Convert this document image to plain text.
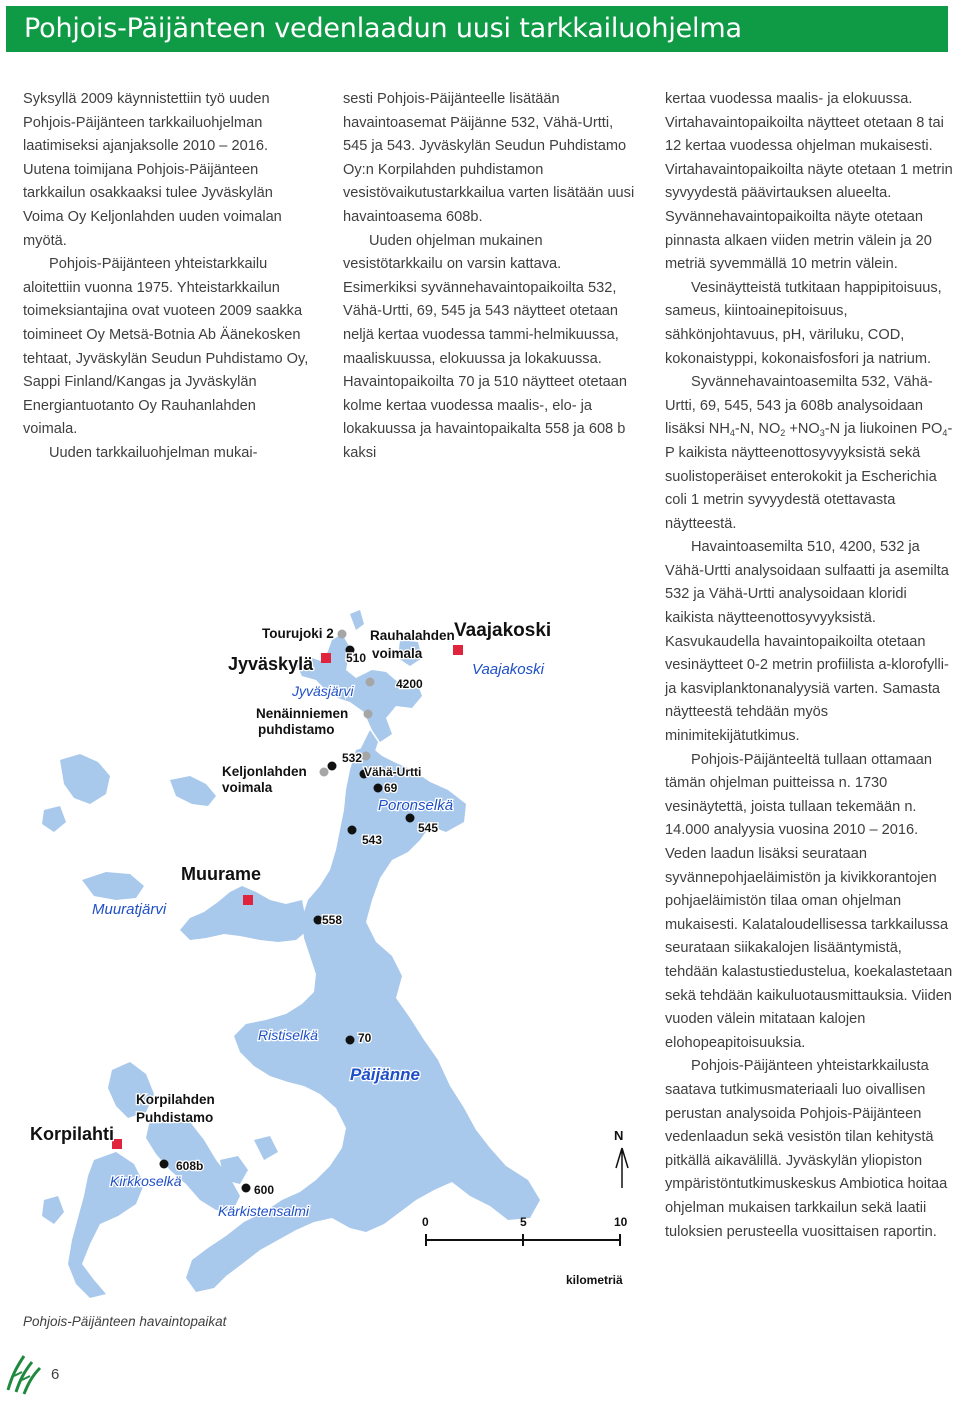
Pohjois-Päijänteen vedenlaadun uusi tarkkailuohjelma

Syksyllä 2009 käynnistettiin työ uuden Pohjois-Päijänteen tarkkailuohjelman laatimiseksi ajanjaksolle 2010 – 2016. Uutena toimijana Pohjois-Päijänteen tarkkailun osakkaaksi tulee Jyväskylän Voima Oy Keljonlahden uuden voimalan myötä.

Pohjois-Päijänteen yhteistarkkailu aloitettiin vuonna 1975. Yhteistarkkailun toimeksiantajina ovat vuoteen 2009 saakka toimineet Oy Metsä-Botnia Ab Äänekosken tehtaat, Jyväskylän Seudun Puhdistamo Oy, Sappi Finland/Kangas ja Jyväskylän Energiantuotanto Oy Rauhanlahden voimala.

Uuden tarkkailuohjelman mukai-

sesti Pohjois-Päijänteelle lisätään havaintoasemat Päijänne 532, Vähä-Urtti, 545 ja 543. Jyväskylän Seudun Puhdistamo Oy:n Korpilahden puhdistamon vesistövaikutustarkkailua varten lisätään uusi havaintoasema 608b.

Uuden ohjelman mukainen vesistötarkkailu on varsin kattava. Esimerkiksi syvännehavaintopaikoilta 532, Vähä-Urtti, 69, 545 ja 543 näytteet otetaan neljä kertaa vuodessa tammi-helmikuussa, maaliskuussa, elokuussa ja lokakuussa. Havaintopaikoilta 70 ja 510 näytteet otetaan kolme kertaa vuodessa maalis-, elo- ja lokakuussa ja havaintopaikalta 558 ja 608 b kaksi

kertaa vuodessa maalis- ja elokuussa. Virtahavaintopaikoilta näytteet otetaan 8 tai 12 kertaa vuodessa ohjelman mukaisesti.

Virtahavaintopaikoilta näyte otetaan 1 metrin syvyydestä päävirtauksen alueelta. Syvännehavaintopaikoilta näyte otetaan pinnasta alkaen viiden metrin välein ja 20 metriä syvemmällä 10 metrin välein.

Vesinäytteistä tutkitaan happipitoisuus, sameus, kiintoainepitoisuus, sähkönjohtavuus, pH, väriluku, COD, kokonaistyppi, kokonaisfosfori ja natrium.

Syvännehavaintoasemilta 532, Vähä-Urtti, 69, 545, 543 ja 608b analysoidaan lisäksi $NH_4-N$, $NO_2 +NO_3-N$ ja liukoinen $PO_4-P$ kaikista näytteenottosyvyyksistä sekä suolistoperäiset enterokokit ja Escherichia coli 1 metrin syvyydestä otettavasta näytteestä.

Havaintoasemilta 510, 4200, 532 ja Vähä-Urtti analysoidaan sulfaatti ja asemilta 532 ja Vähä-Urtti analysoidaan kloridi kaikista näytteenottosyvyyksistä. Kasvukaudella havaintopaikoilta otetaan vesinäytteet 0-2 metrin profiilista a-klorofylli- ja kasviplanktonanalyysiä varten. Samasta näytteestä tehdään myös minimitekijätutkimus.

Pohjois-Päijänteeltä tullaan ottamaan tämän ohjelman puitteissa n. 1730 vesinäytettä, joista tullaan tekemään n. 14.000 analyysia vuosina 2010 – 2016. Veden laadun lisäksi seurataan syvännepohjaeläimistön ja kivikkorantojen pohjaeläimistön tilaa oman ohjelman mukaisesti. Kalataloudellisessa tarkkailussa seurataan siikakalojen lisääntymistä, tehdään kalastustiedustelua, koekalastetaan sekä tehdään kaikuluotausmittauksia. Viiden vuoden välein mitataan kalojen elohopeapitoisuuksia.

Pohjois-Päijänteen yhteistarkkailusta saatava tutkimusmateriaali luo oivallisen perustan analysoida Pohjois-Päijänteen vedenlaadun sekä vesistön tilan kehitystä pitkällä aikavälillä. Jyväskylän yliopiston ympäristöntutkimuskeskus Ambiotica hoitaa ohjelman mukaisen tarkkailun sekä laatii tuloksien perusteella vuosittaisen raportin.

Jyväskylä
Vaajakoski
Muurame
Korpilahti
Tourujoki 2	Rauhalahden
voimala
Nenäinniemen
puhdistamo
Keljonlahden
voimala
Korpilahden
Puhdistamo
510
4200
532
Vähä-Urtti
69
545
543
558
70
608b
600
Jyväsjärvi
Vaajakoski
Poronselkä
Muuratjärvi
Ristiselkä
Päijänne
Kirkkoselkä
Kärkistensalmi
N
0	5	10
kilometriä
Pohjois-Päijänteen havaintopaikat
6
